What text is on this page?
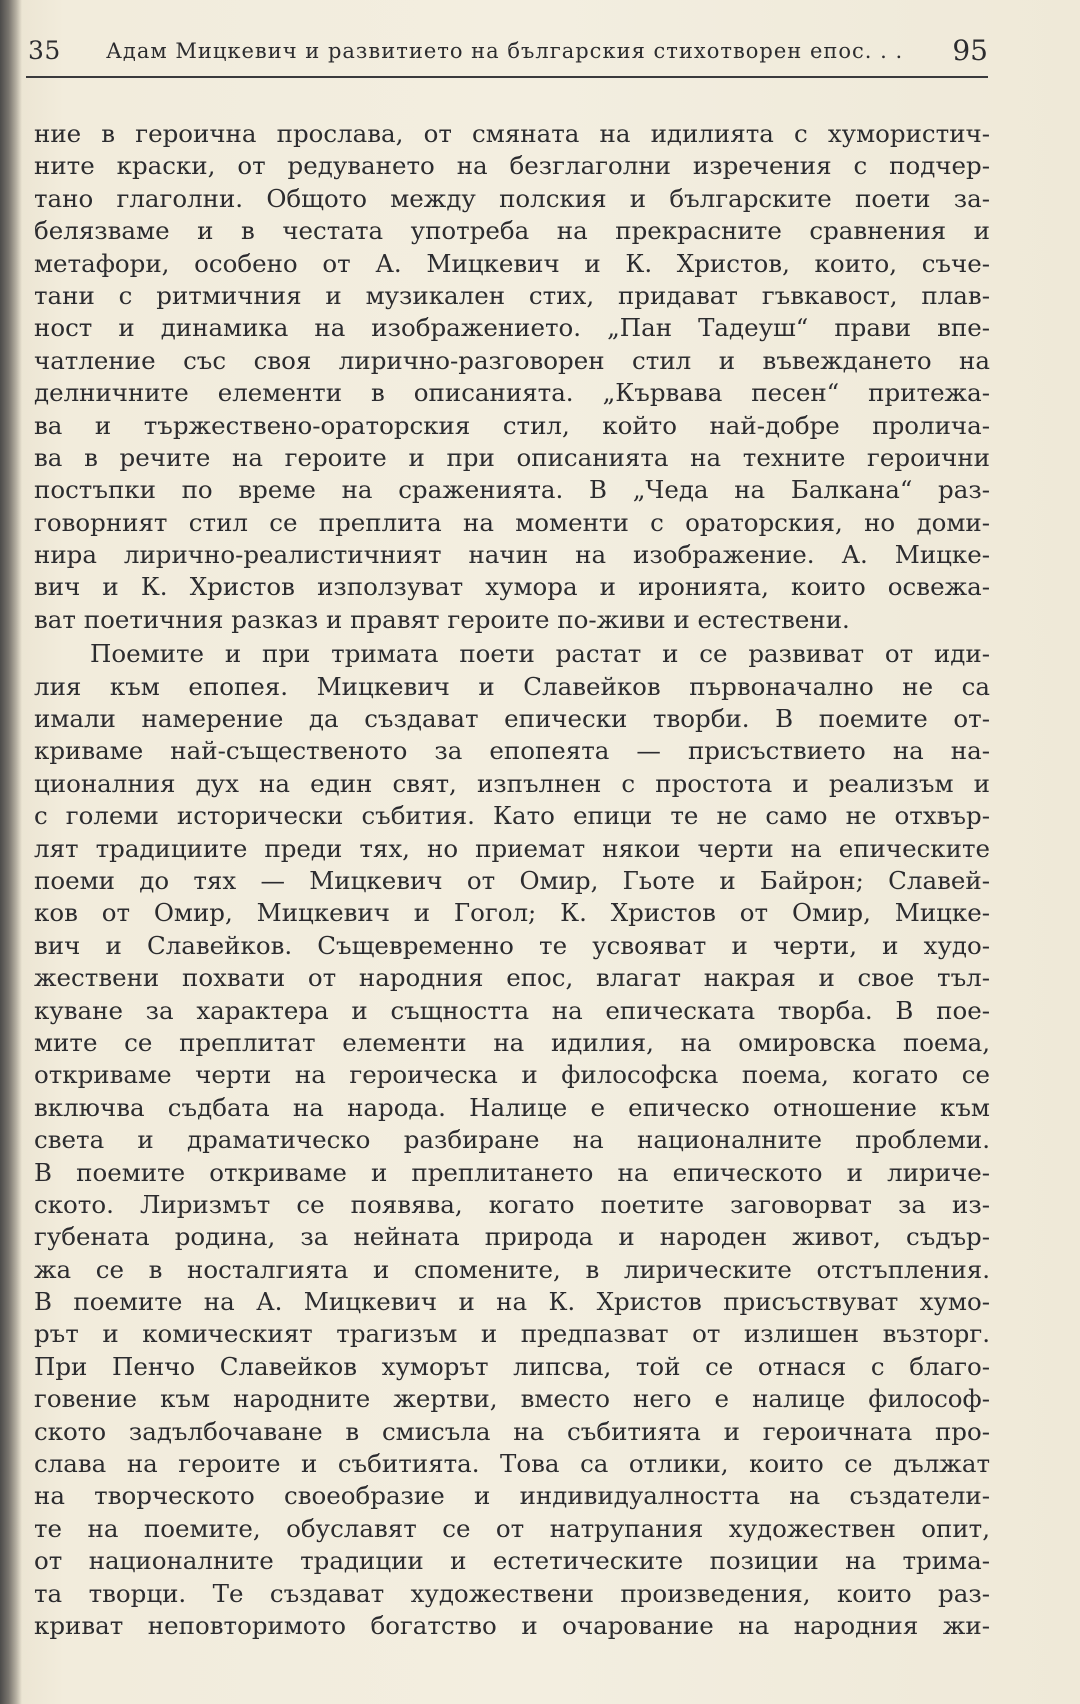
35 Адам Мицкевич и развитието на българския стихотворен епос. . . 95
ние в героична прослава, от смяната на идилията с хумористич-
ните краски, от редуването на безглаголни изречения с подчер-
тано глаголни. Общото между полския и българските поети за-
белязваме и в честата употреба на прекрасните сравнения и
метафори, особено от А. Мицкевич и К. Христов, които, съче-
тани с ритмичния и музикален стих, придават гъвкавост, плав-
ност и динамика на изображението. „Пан Тадеуш“ прави впе-
чатление със своя лирично-разговорен стил и въвеждането на
делничните елементи в описанията. „Кървава песен“ притежа-
ва и тържествено-ораторския стил, който най-добре пролича-
ва в речите на героите и при описанията на техните героични
постъпки по време на сраженията. В „Чеда на Балкана“ раз-
говорният стил се преплита на моменти с ораторския, но доми-
нира лирично-реалистичният начин на изображение. А. Мицке-
вич и К. Христов използуват хумора и иронията, които освежа-
ват поетичния разказ и правят героите по-живи и естествени.
Поемите и при тримата поети растат и се развиват от иди-
лия към епопея. Мицкевич и Славейков първоначално не са
имали намерение да създават епически творби. В поемите от-
криваме най-същественото за епопеята — присъствието на на-
ционалния дух на един свят, изпълнен с простота и реализъм и
с големи исторически събития. Като епици те не само не отхвър-
лят традициите преди тях, но приемат някои черти на епическите
поеми до тях — Мицкевич от Омир, Гьоте и Байрон; Славей-
ков от Омир, Мицкевич и Гогол; К. Христов от Омир, Мицке-
вич и Славейков. Същевременно те усвояват и черти, и худо-
жествени похвати от народния епос, влагат накрая и свое тъл-
куване за характера и същността на епическата творба. В пое-
мите се преплитат елементи на идилия, на омировска поема,
откриваме черти на героическа и философска поема, когато се
включва съдбата на народа. Налице е епическо отношение към
света и драматическо разбиране на националните проблеми.
В поемите откриваме и преплитането на епическото и лириче-
ското. Лиризмът се появява, когато поетите заговорват за из-
губената родина, за нейната природа и народен живот, съдър-
жа се в носталгията и спомените, в лирическите отстъпления.
В поемите на А. Мицкевич и на К. Христов присъствуват хумо-
рът и комическият трагизъм и предпазват от излишен възторг.
При Пенчо Славейков хуморът липсва, той се отнася с благо-
говение към народните жертви, вместо него е налице философ-
ското задълбочаване в смисъла на събитията и героичната про-
слава на героите и събитията. Това са отлики, които се дължат
на творческото своеобразие и индивидуалността на създатели-
те на поемите, обуславят се от натрупания художествен опит,
от националните традиции и естетическите позиции на трима-
та творци. Те създават художествени произведения, които раз-
криват неповторимото богатство и очарование на народния жи-
